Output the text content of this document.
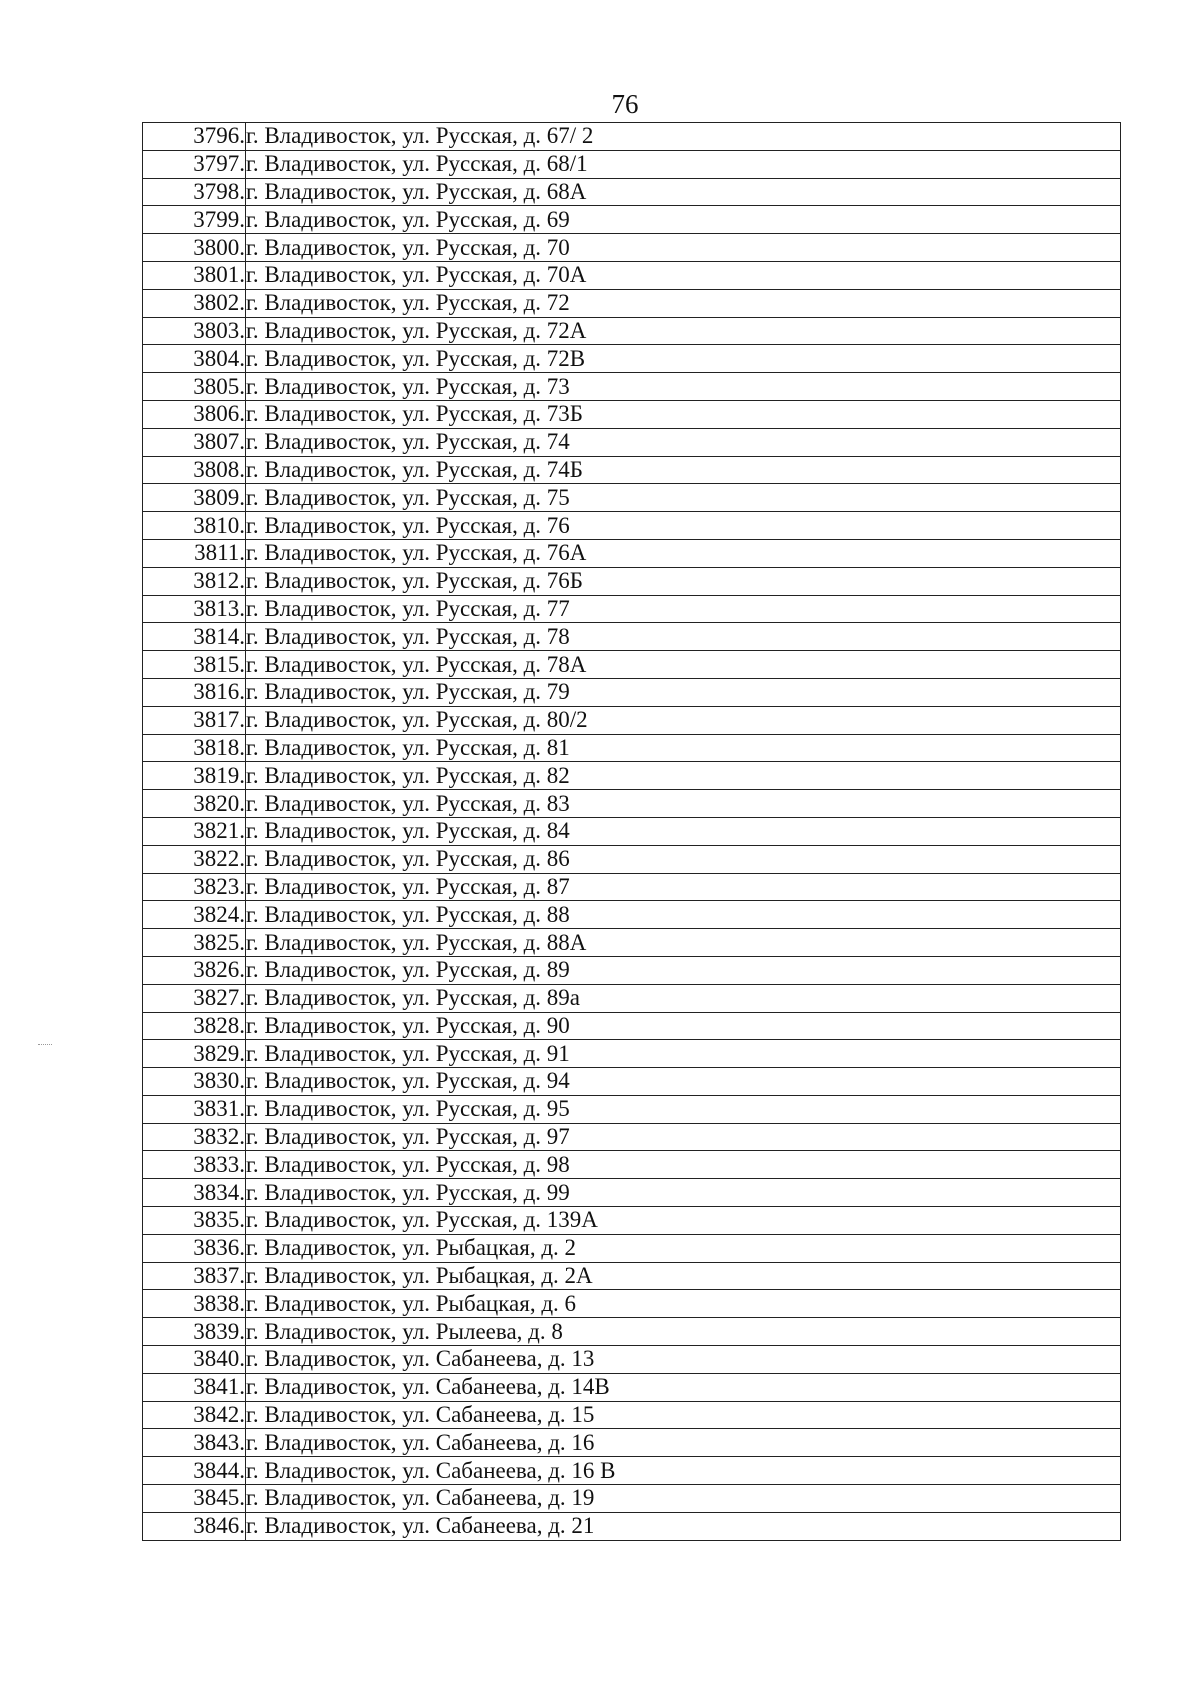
76
3796.	г. Владивосток, ул. Русская, д. 67/ 2
3797.	г. Владивосток, ул. Русская, д. 68/1
3798.	г. Владивосток, ул. Русская, д. 68А
3799.	г. Владивосток, ул. Русская, д. 69
3800.	г. Владивосток, ул. Русская, д. 70
3801.	г. Владивосток, ул. Русская, д. 70А
3802.	г. Владивосток, ул. Русская, д. 72
3803.	г. Владивосток, ул. Русская, д. 72А
3804.	г. Владивосток, ул. Русская, д. 72В
3805.	г. Владивосток, ул. Русская, д. 73
3806.	г. Владивосток, ул. Русская, д. 73Б
3807.	г. Владивосток, ул. Русская, д. 74
3808.	г. Владивосток, ул. Русская, д. 74Б
3809.	г. Владивосток, ул. Русская, д. 75
3810.	г. Владивосток, ул. Русская, д. 76
3811.	г. Владивосток, ул. Русская, д. 76А
3812.	г. Владивосток, ул. Русская, д. 76Б
3813.	г. Владивосток, ул. Русская, д. 77
3814.	г. Владивосток, ул. Русская, д. 78
3815.	г. Владивосток, ул. Русская, д. 78А
3816.	г. Владивосток, ул. Русская, д. 79
3817.	г. Владивосток, ул. Русская, д. 80/2
3818.	г. Владивосток, ул. Русская, д. 81
3819.	г. Владивосток, ул. Русская, д. 82
3820.	г. Владивосток, ул. Русская, д. 83
3821.	г. Владивосток, ул. Русская, д. 84
3822.	г. Владивосток, ул. Русская, д. 86
3823.	г. Владивосток, ул. Русская, д. 87
3824.	г. Владивосток, ул. Русская, д. 88
3825.	г. Владивосток, ул. Русская, д. 88А
3826.	г. Владивосток, ул. Русская, д. 89
3827.	г. Владивосток, ул. Русская, д. 89а
3828.	г. Владивосток, ул. Русская, д. 90
3829.	г. Владивосток, ул. Русская, д. 91
3830.	г. Владивосток, ул. Русская, д. 94
3831.	г. Владивосток, ул. Русская, д. 95
3832.	г. Владивосток, ул. Русская, д. 97
3833.	г. Владивосток, ул. Русская, д. 98
3834.	г. Владивосток, ул. Русская, д. 99
3835.	г. Владивосток, ул. Русская, д. 139А
3836.	г. Владивосток, ул. Рыбацкая, д. 2
3837.	г. Владивосток, ул. Рыбацкая, д. 2А
3838.	г. Владивосток, ул. Рыбацкая, д. 6
3839.	г. Владивосток, ул. Рылеева, д. 8
3840.	г. Владивосток, ул. Сабанеева, д. 13
3841.	г. Владивосток, ул. Сабанеева, д. 14В
3842.	г. Владивосток, ул. Сабанеева, д. 15
3843.	г. Владивосток, ул. Сабанеева, д. 16
3844.	г. Владивосток, ул. Сабанеева, д. 16 В
3845.	г. Владивосток, ул. Сабанеева, д. 19
3846.	г. Владивосток, ул. Сабанеева, д. 21
